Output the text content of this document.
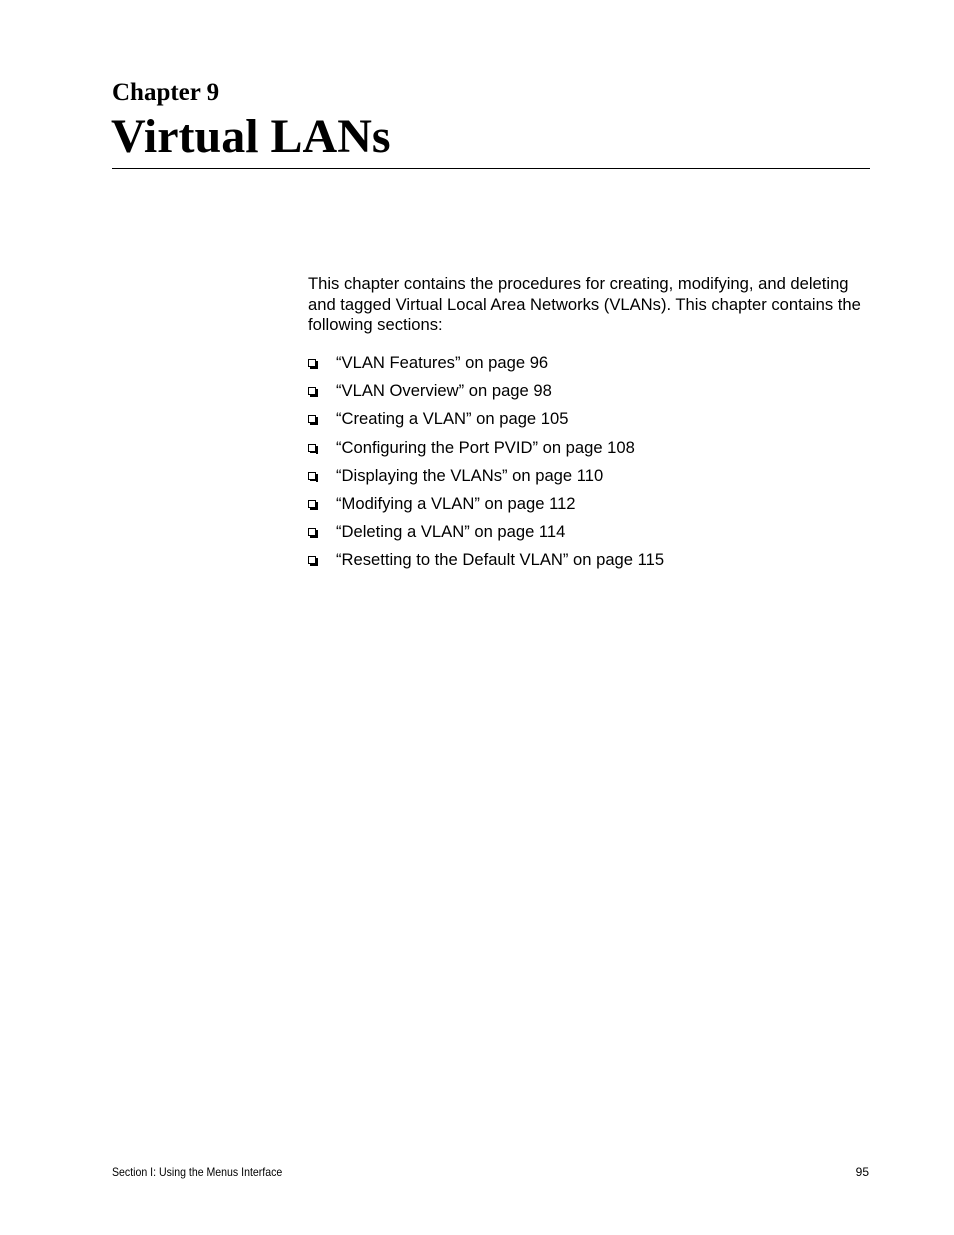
Chapter 9
Virtual LANs

This chapter contains the procedures for creating, modifying, and deleting and tagged Virtual Local Area Networks (VLANs). This chapter contains the following sections:

“VLAN Features” on page 96
“VLAN Overview” on page 98
“Creating a VLAN” on page 105
“Configuring the Port PVID” on page 108
“Displaying the VLANs” on page 110
“Modifying a VLAN” on page 112
“Deleting a VLAN” on page 114
“Resetting to the Default VLAN” on page 115
Section I: Using the Menus Interface	95
